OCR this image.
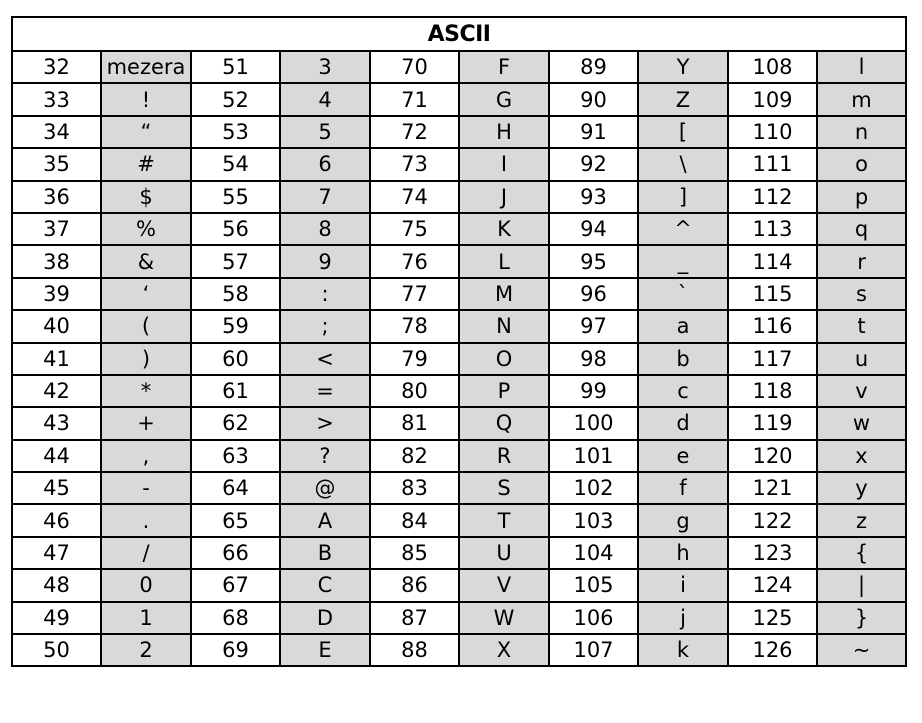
ASCII									
32	mezera	51	3	70	F	89	Y	108	l
33	!	52	4	71	G	90	Z	109	m
34	“	53	5	72	H	91	[	110	n
35	#	54	6	73	I	92	\	111	o
36	$	55	7	74	J	93	]	112	p
37	%	56	8	75	K	94	^	113	q
38	&	57	9	76	L	95	_	114	r
39	‘	58	:	77	M	96	`	115	s
40	(	59	;	78	N	97	a	116	t
41	)	60	<	79	O	98	b	117	u
42	*	61	=	80	P	99	c	118	v
43	+	62	>	81	Q	100	d	119	w
44	,	63	?	82	R	101	e	120	x
45	-	64	@	83	S	102	f	121	y
46	.	65	A	84	T	103	g	122	z
47	/	66	B	85	U	104	h	123	{
48	0	67	C	86	V	105	i	124	|
49	1	68	D	87	W	106	j	125	}
50	2	69	E	88	X	107	k	126	~
